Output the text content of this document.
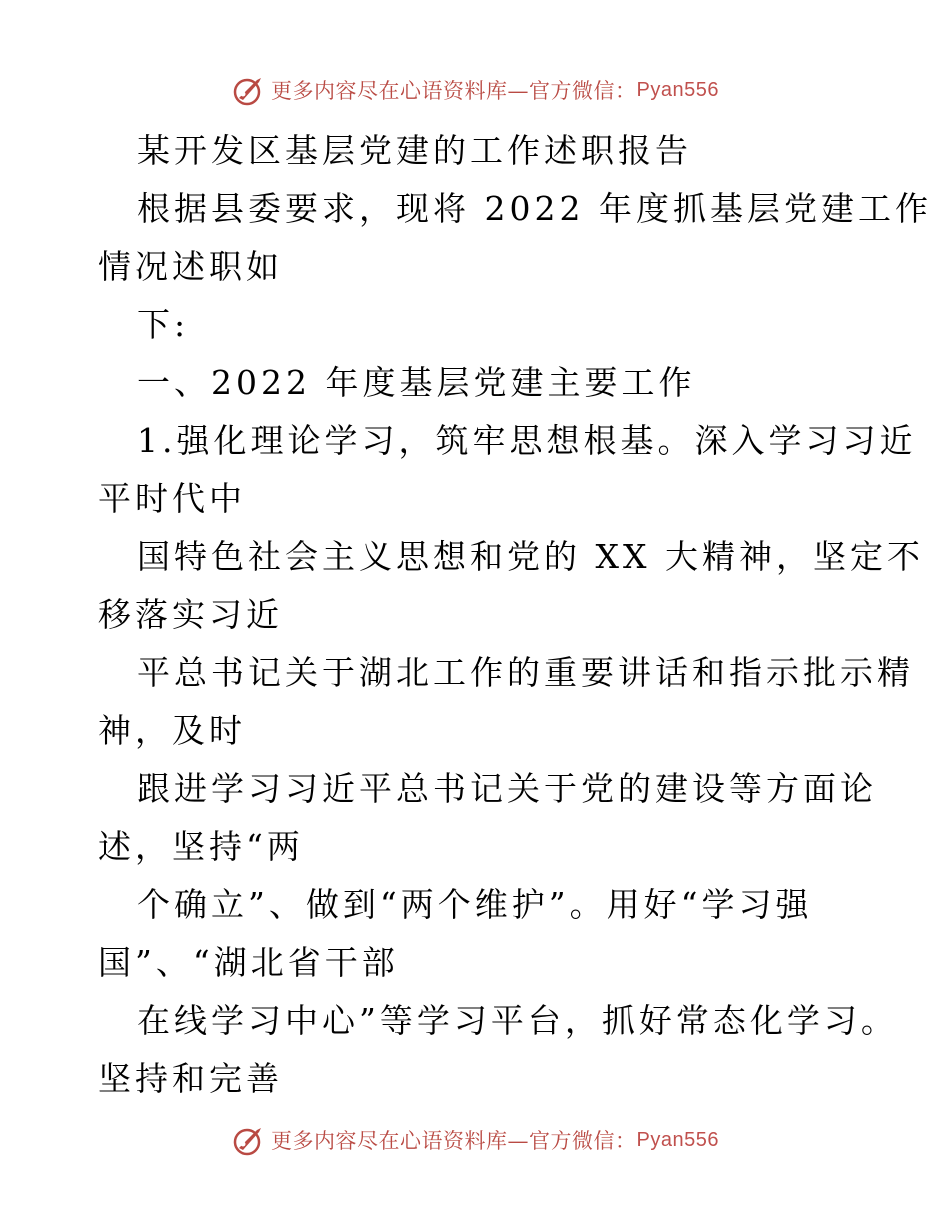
更多内容尽在心语资料库—官方微信： Pyan556
某开发区基层党建的工作述职报告
根据县委要求，现将 2022 年度抓基层党建工作
情况述职如
下:
一、2022 年度基层党建主要工作
1.强化理论学习，筑牢思想根基。深入学习习近
平时代中
国特色社会主义思想和党的 XX 大精神，坚定不
移落实习近
平总书记关于湖北工作的重要讲话和指示批示精
神，及时
跟进学习习近平总书记关于党的建设等方面论
述，坚持“两
个确立”、做到“两个维护”。用好“学习强
国”、“湖北省干部
在线学习中心”等学习平台，抓好常态化学习。
坚持和完善
更多内容尽在心语资料库—官方微信： Pyan556
